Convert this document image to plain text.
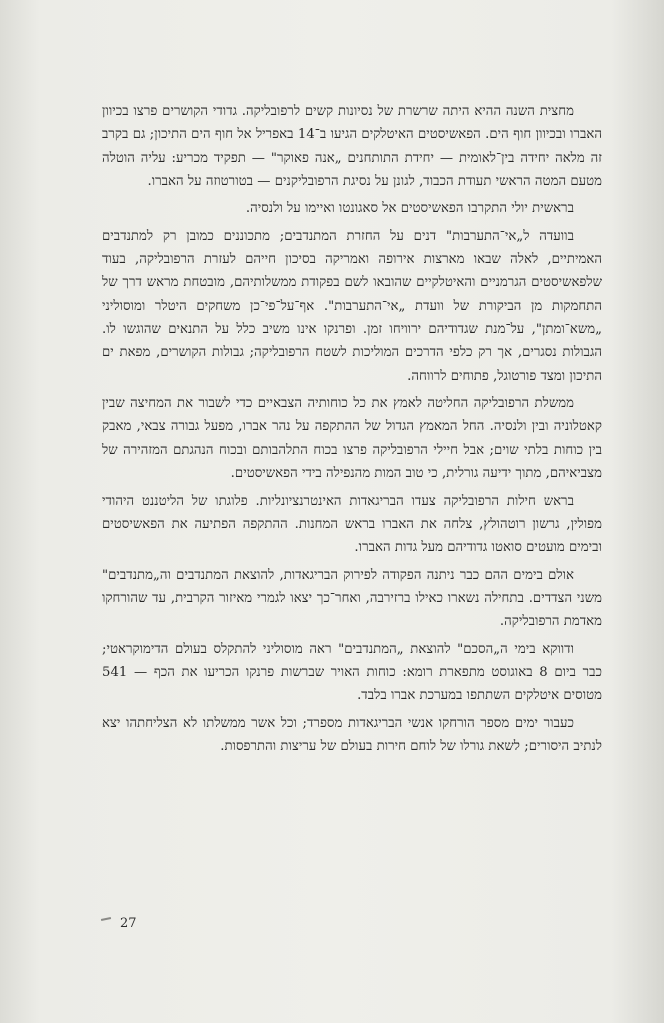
מחצית השנה ההיא היתה שרשרת של נסיונות קשים לרפובליקה. גדודי הקושרים פרצו בכיוון האברו ובכיוון חוף הים. הפאשיסטים האיטלקים הגיעו ב־14 באפריל אל חוף הים התיכון; גם בקרב זה מלאה יחידה בין־לאומית — יחידת התותחנים „אנה פאוקר" — תפקיד מכריע: עליה הוטלה מטעם המטה הראשי תעודת הכבוד, לגונן על נסיגת הרפובליקנים — בטורטוזה על האברו.

בראשית יולי התקרבו הפאשיסטים אל סאגונטו ואיימו על ולנסיה.

בוועדה ל„אי־התערבות" דנים על החזרת המתנדבים; מתכוננים כמובן רק למתנדבים האמיתיים, לאלה שבאו מארצות אירופה ואמריקה בסיכון חייהם לעזרת הרפובליקה, בעוד שלפאשיסטים הגרמניים והאיטלקיים שהובאו לשם בפקודת ממשלותיהם, מובטחת מראש דרך של התחמקות מן הביקורת של וועדת „אי־התערבות". אף־על־פי־כן משחקים היטלר ומוסוליני „משא־ומתן", על־מנת שגדודיהם ירוויחו זמן. ופרנקו אינו משיב כלל על התנאים שהוגשו לו. הגבולות נסגרים, אך רק כלפי הדרכים המוליכות לשטח הרפובליקה; גבולות הקושרים, מפאת ים התיכון ומצד פורטוגל, פתוחים לרווחה.

ממשלת הרפובליקה החליטה לאמץ את כל כוחותיה הצבאיים כדי לשבור את המחיצה שבין קאטלוניה ובין ולנסיה. החל המאמץ הגדול של ההתקפה על נהר אברו, מפעל גבורה צבאי, מאבק בין כוחות בלתי שוים; אבל חיילי הרפובליקה פרצו בכוח התלהבותם ובכוח הנהגתם המזהירה של מצביאיהם, מתוך ידיעה גורלית, כי טוב המות מהנפילה בידי הפאשיסטים.

בראש חילות הרפובליקה צעדו הבריגאדות האינטרנציונליות. פלוגתו של הליטננט היהודי מפולין, גרשון רוטהולץ, צלחה את האברו בראש המחנות. ההתקפה הפתיעה את הפאשיסטים ובימים מועטים סואטו גדודיהם מעל גדות האברו.

אולם בימים ההם כבר ניתנה הפקודה לפירוק הבריגאדות, להוצאת המתנדבים וה„מתנדבים" משני הצדדים. בתחילה נשארו כאילו ברזירבה, ואחר־כך יצאו לגמרי מאיזור הקרבית, עד שהורחקו מאדמת הרפובליקה.

ודווקא בימי ה„הסכם" להוצאת „המתנדבים" ראה מוסוליני להתקלס בעולם הדימוקראטי; כבר ביום 8 באוגוסט מתפארת רומא: כוחות האויר שברשות פרנקו הכריעו את הכף — 541 מטוסים איטלקים השתתפו במערכת אברו בלבד.

כעבור ימים מספר הורחקו אנשי הבריגאדות מספרד; וכל אשר ממשלתו לא הצליחתהו יצא לנתיב היסורים; לשאת גורלו של לוחם חירות בעולם של עריצות והתרפסות.

27
